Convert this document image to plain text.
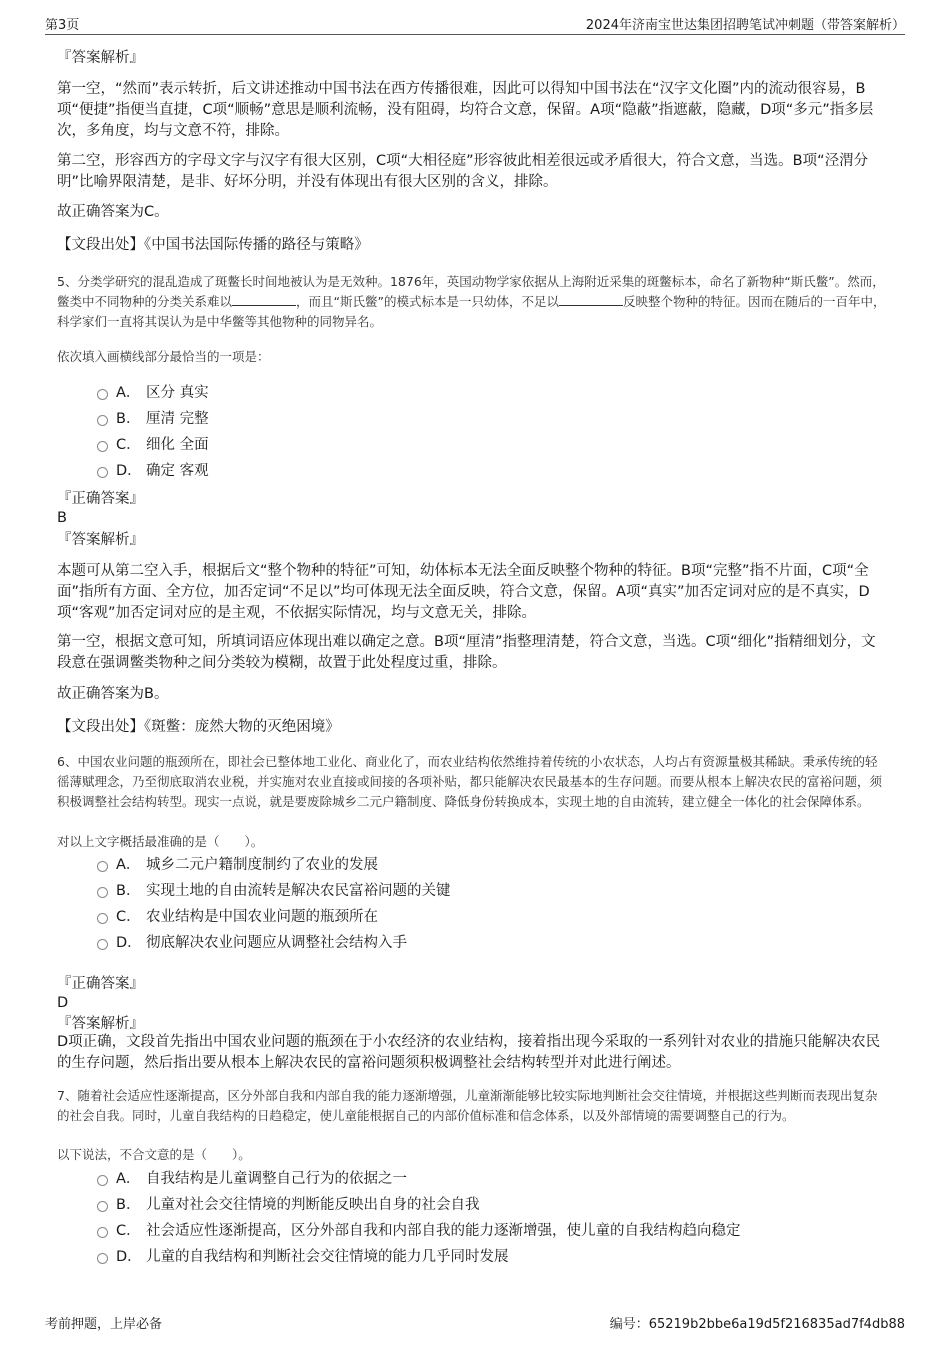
第3页	2024年济南宝世达集团招聘笔试冲刺题（带答案解析）
『答案解析』
第一空，“然而”表示转折，后文讲述推动中国书法在西方传播很难，因此可以得知中国书法在“汉字文化圈”内的流动很容易，B项“便捷”指便当直捷，C项“顺畅”意思是顺利流畅，没有阻碍，均符合文意，保留。A项“隐蔽”指遮蔽，隐藏，D项“多元”指多层次，多角度，均与文意不符，排除。
第二空，形容西方的字母文字与汉字有很大区别，C项“大相径庭”形容彼此相差很远或矛盾很大，符合文意，当选。B项“泾渭分明”比喻界限清楚，是非、好坏分明，并没有体现出有很大区别的含义，排除。
故正确答案为C。
【文段出处】《中国书法国际传播的路径与策略》
5、分类学研究的混乱造成了斑鳖长时间地被认为是无效种。1876年，英国动物学家依据从上海附近采集的斑鳖标本，命名了新物种“斯氏鳖”。然而，鳖类中不同物种的分类关系难以	，而且“斯氏鳖”的模式标本是一只幼体，不足以	反映整个物种的特征。因而在随后的一百年中，科学家们一直将其误认为是中华鳖等其他物种的同物异名。
依次填入画横线部分最恰当的一项是：
A． 区分 真实
B． 厘清 完整
C． 细化 全面
D． 确定 客观
『正确答案』
B
『答案解析』
本题可从第二空入手，根据后文“整个物种的特征”可知，幼体标本无法全面反映整个物种的特征。B项“完整”指不片面，C项“全面”指所有方面、全方位，加否定词“不足以”均可体现无法全面反映，符合文意，保留。A项“真实”加否定词对应的是不真实，D项“客观”加否定词对应的是主观，不依据实际情况，均与文意无关，排除。
第一空，根据文意可知，所填词语应体现出难以确定之意。B项“厘清”指整理清楚，符合文意，当选。C项“细化”指精细划分，文段意在强调鳖类物种之间分类较为模糊，故置于此处程度过重，排除。
故正确答案为B。
【文段出处】《斑鳖：庞然大物的灭绝困境》
6、中国农业问题的瓶颈所在，即社会已整体地工业化、商业化了，而农业结构依然维持着传统的小农状态，人均占有资源量极其稀缺。秉承传统的轻徭薄赋理念，乃至彻底取消农业税，并实施对农业直接或间接的各项补贴，都只能解决农民最基本的生存问题。而要从根本上解决农民的富裕问题，须积极调整社会结构转型。现实一点说，就是要废除城乡二元户籍制度、降低身份转换成本，实现土地的自由流转，建立健全一体化的社会保障体系。
对以上文字概括最准确的是（　　）。
A． 城乡二元户籍制度制约了农业的发展
B． 实现土地的自由流转是解决农民富裕问题的关键
C． 农业结构是中国农业问题的瓶颈所在
D． 彻底解决农业问题应从调整社会结构入手
『正确答案』
D
『答案解析』
D项正确，文段首先指出中国农业问题的瓶颈在于小农经济的农业结构，接着指出现今采取的一系列针对农业的措施只能解决农民的生存问题，然后指出要从根本上解决农民的富裕问题须积极调整社会结构转型并对此进行阐述。
7、随着社会适应性逐渐提高，区分外部自我和内部自我的能力逐渐增强，儿童渐渐能够比较实际地判断社会交往情境，并根据这些判断而表现出复杂的社会自我。同时，儿童自我结构的日趋稳定，使儿童能根据自己的内部价值标准和信念体系，以及外部情境的需要调整自己的行为。
以下说法，不合文意的是（　　）。
A． 自我结构是儿童调整自己行为的依据之一
B． 儿童对社会交往情境的判断能反映出自身的社会自我
C． 社会适应性逐渐提高，区分外部自我和内部自我的能力逐渐增强，使儿童的自我结构趋向稳定
D． 儿童的自我结构和判断社会交往情境的能力几乎同时发展
考前押题，上岸必备	编号：65219b2bbe6a19d5f216835ad7f4db88
